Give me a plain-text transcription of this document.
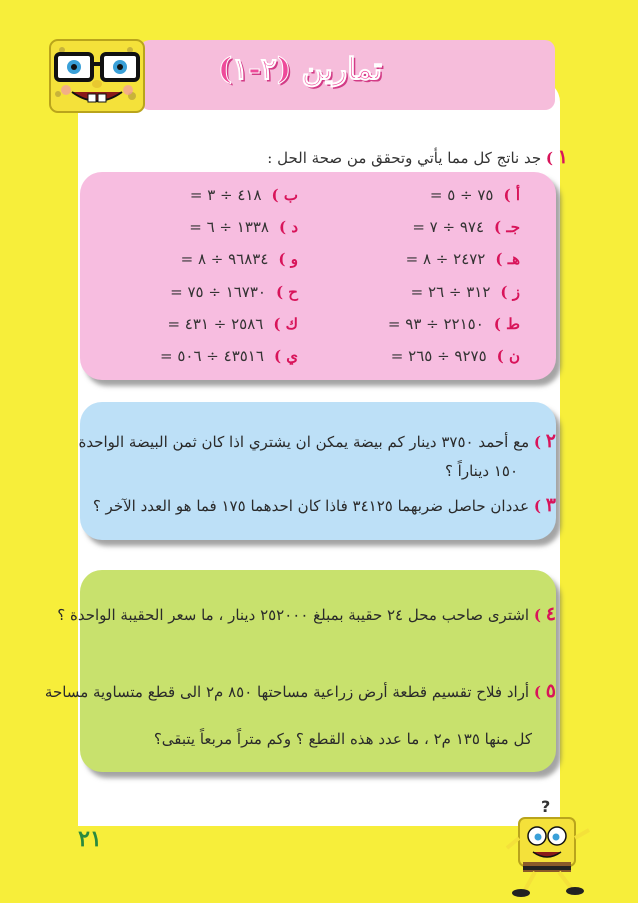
تمارين (٢-١)
١ ) جد ناتج كل مما يأتي وتحقق من صحة الحل :
أ )٧٥ ÷ ٥ =
جـ )٩٧٤ ÷ ٧ =
هـ )٢٤٧٢ ÷ ٨ =
ز )٣١٢ ÷ ٢٦ =
ط )٢٢١٥٠ ÷ ٩٣ =
ن )٩٢٧٥ ÷ ٢٦٥ =
ب )٤١٨ ÷ ٣ =
د )١٣٣٨ ÷ ٦ =
و )٩٦٨٣٤ ÷ ٨ =
ح )١٦٧٣٠ ÷ ٧٥ =
ك )٢٥٨٦ ÷ ٤٣١ =
ي )٤٣٥١٦ ÷ ٥٠٦ =
٢ ) مع أحمد ٣٧٥٠ دينار كم بيضة يمكن ان يشتري اذا كان ثمن البيضة الواحدة
١٥٠ ديناراً ؟
٣ ) عددان حاصل ضربهما ٣٤١٢٥ فاذا كان احدهما ١٧٥ فما هو العدد الآخر ؟
٤ ) اشترى صاحب محل ٢٤ حقيبة بمبلغ ٢٥٢٠٠٠ دينار ، ما سعر الحقيبة الواحدة ؟
٥ ) أراد فلاح تقسيم قطعة أرض زراعية مساحتها ٨٥٠ م٢ الى قطع متساوية مساحة
كل منها ١٣٥ م٢ ، ما عدد هذه القطع ؟ وكم متراً مربعاً يتبقى؟
٢١
?
